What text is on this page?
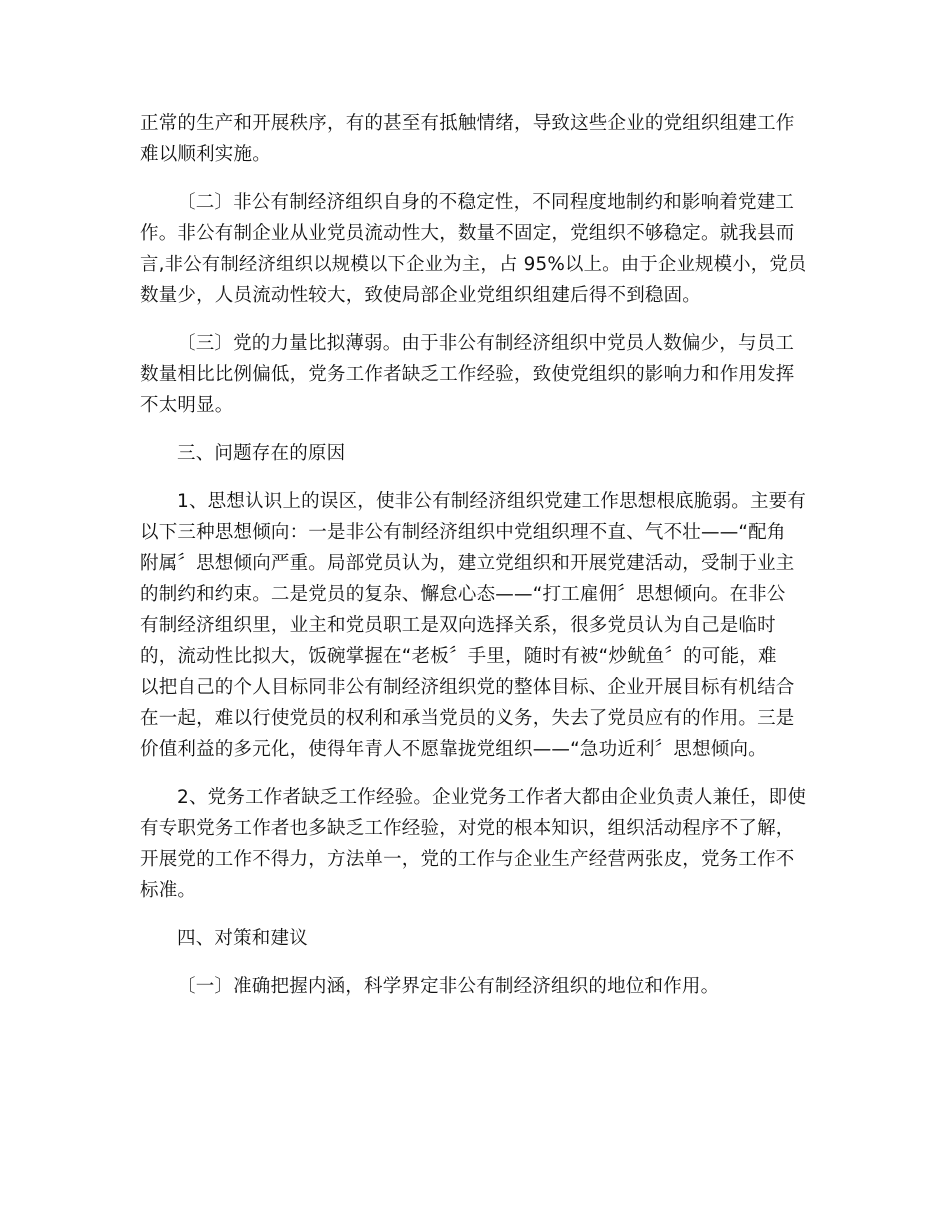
正常的生产和开展秩序，有的甚至有抵触情绪，导致这些企业的党组织组建工作
难以顺利实施。

〔二〕非公有制经济组织自身的不稳定性，不同程度地制约和影响着党建工
作。非公有制企业从业党员流动性大，数量不固定，党组织不够稳定。就我县而
言,非公有制经济组织以规模以下企业为主，占 95%以上。由于企业规模小，党员
数量少，人员流动性较大，致使局部企业党组织组建后得不到稳固。

〔三〕党的力量比拟薄弱。由于非公有制经济组织中党员人数偏少，与员工
数量相比比例偏低，党务工作者缺乏工作经验，致使党组织的影响力和作用发挥
不太明显。

三、问题存在的原因

1、思想认识上的误区，使非公有制经济组织党建工作思想根底脆弱。主要有
以下三种思想倾向：一是非公有制经济组织中党组织理不直、气不壮——“配角
附属〞思想倾向严重。局部党员认为，建立党组织和开展党建活动，受制于业主
的制约和约束。二是党员的复杂、懈怠心态——“打工雇佣〞思想倾向。在非公
有制经济组织里，业主和党员职工是双向选择关系，很多党员认为自己是临时
的，流动性比拟大，饭碗掌握在“老板〞手里，随时有被“炒鱿鱼〞的可能，难
以把自己的个人目标同非公有制经济组织党的整体目标、企业开展目标有机结合
在一起，难以行使党员的权利和承当党员的义务，失去了党员应有的作用。三是
价值利益的多元化，使得年青人不愿靠拢党组织——“急功近利〞思想倾向。

2、党务工作者缺乏工作经验。企业党务工作者大都由企业负责人兼任，即使
有专职党务工作者也多缺乏工作经验，对党的根本知识，组织活动程序不了解，
开展党的工作不得力，方法单一，党的工作与企业生产经营两张皮，党务工作不
标准。

四、对策和建议

〔一〕准确把握内涵，科学界定非公有制经济组织的地位和作用。
